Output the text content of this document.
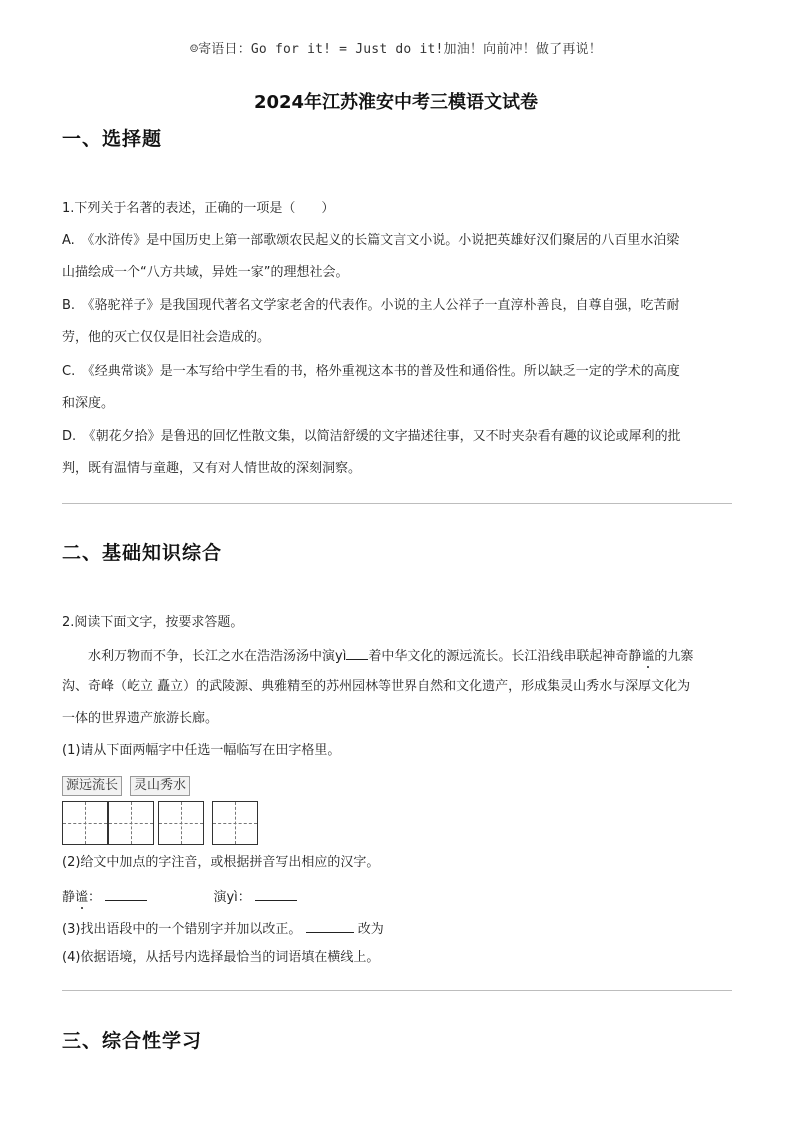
☺寄语日：Go for it! = Just do it!加油！向前冲！做了再说！
2024年江苏淮安中考三模语文试卷
一、选择题
1.下列关于名著的表述，正确的一项是（　　）
A.　《水浒传》是中国历史上第一部歌颂农民起义的长篇文言文小说。小说把英雄好汉们聚居的八百里水泊梁
山描绘成一个“八方共域，异姓一家”的理想社会。
B.　《骆驼祥子》是我国现代著名文学家老舍的代表作。小说的主人公祥子一直淳朴善良，自尊自强，吃苦耐
劳，他的灭亡仅仅是旧社会造成的。
C.　《经典常谈》是一本写给中学生看的书，格外重视这本书的普及性和通俗性。所以缺乏一定的学术的高度
和深度。
D.　《朝花夕拾》是鲁迅的回忆性散文集，以简洁舒缓的文字描述往事，又不时夹杂看有趣的议论或犀利的批
判，既有温情与童趣，又有对人情世故的深刻洞察。
二、基础知识综合
2.阅读下面文字，按要求答题。
水利万物而不争，长江之水在浩浩汤汤中演yì 着中华文化的源远流长。长江沿线串联起神奇静谧的九寨
沟、奇峰（屹立 矗立）的武陵源、典雅精至的苏州园林等世界自然和文化遗产，形成集灵山秀水与深厚文化为
一体的世界遗产旅游长廊。
(1)请从下面两幅字中任选一幅临写在田字格里。
源远流长	灵山秀水
(2)给文中加点的字注音，或根据拼音写出相应的汉字。
静谧：	演yì：
(3)找出语段中的一个错别字并加以改正。	改为
(4)依据语境，从括号内选择最恰当的词语填在横线上。
三、综合性学习
